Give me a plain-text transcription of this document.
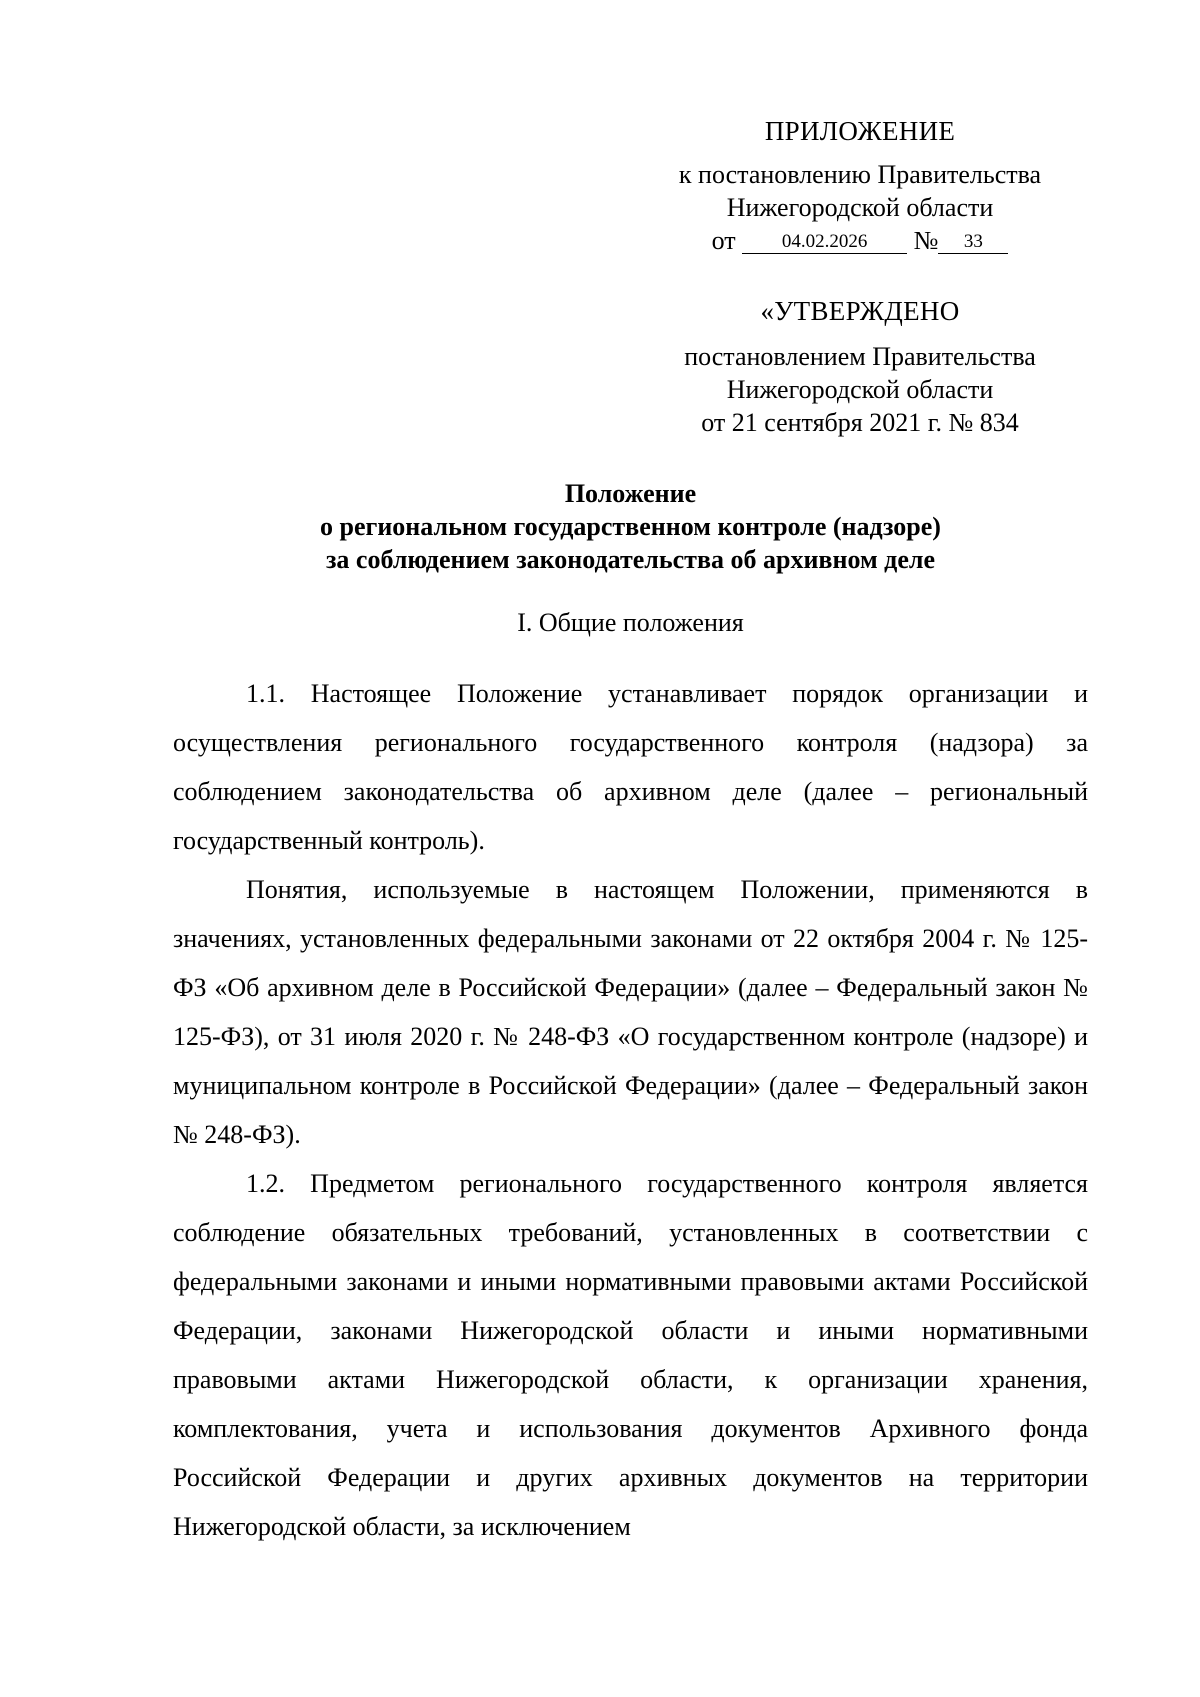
ПРИЛОЖЕНИЕ
к постановлению Правительства
Нижегородской области
от 04.02.2026 № 33
«УТВЕРЖДЕНО
постановлением Правительства
Нижегородской области
от 21 сентября 2021 г. № 834
Положение
о региональном государственном контроле (надзоре)
за соблюдением законодательства об архивном деле
I. Общие положения

1.1. Настоящее Положение устанавливает порядок организации и осуществления регионального государственного контроля (надзора) за соблюдением законодательства об архивном деле (далее – региональный государственный контроль).

Понятия, используемые в настоящем Положении, применяются в значениях, установленных федеральными законами от 22 октября 2004 г. № 125-ФЗ «Об архивном деле в Российской Федерации» (далее – Федеральный закон № 125-ФЗ), от 31 июля 2020 г. № 248-ФЗ «О государственном контроле (надзоре) и муниципальном контроле в Российской Федерации» (далее – Федеральный закон № 248-ФЗ).

1.2. Предметом регионального государственного контроля является соблюдение обязательных требований, установленных в соответствии с федеральными законами и иными нормативными правовыми актами Российской Федерации, законами Нижегородской области и иными нормативными правовыми актами Нижегородской области, к организации хранения, комплектования, учета и использования документов Архивного фонда Российской Федерации и других архивных документов на территории Нижегородской области, за исключением
